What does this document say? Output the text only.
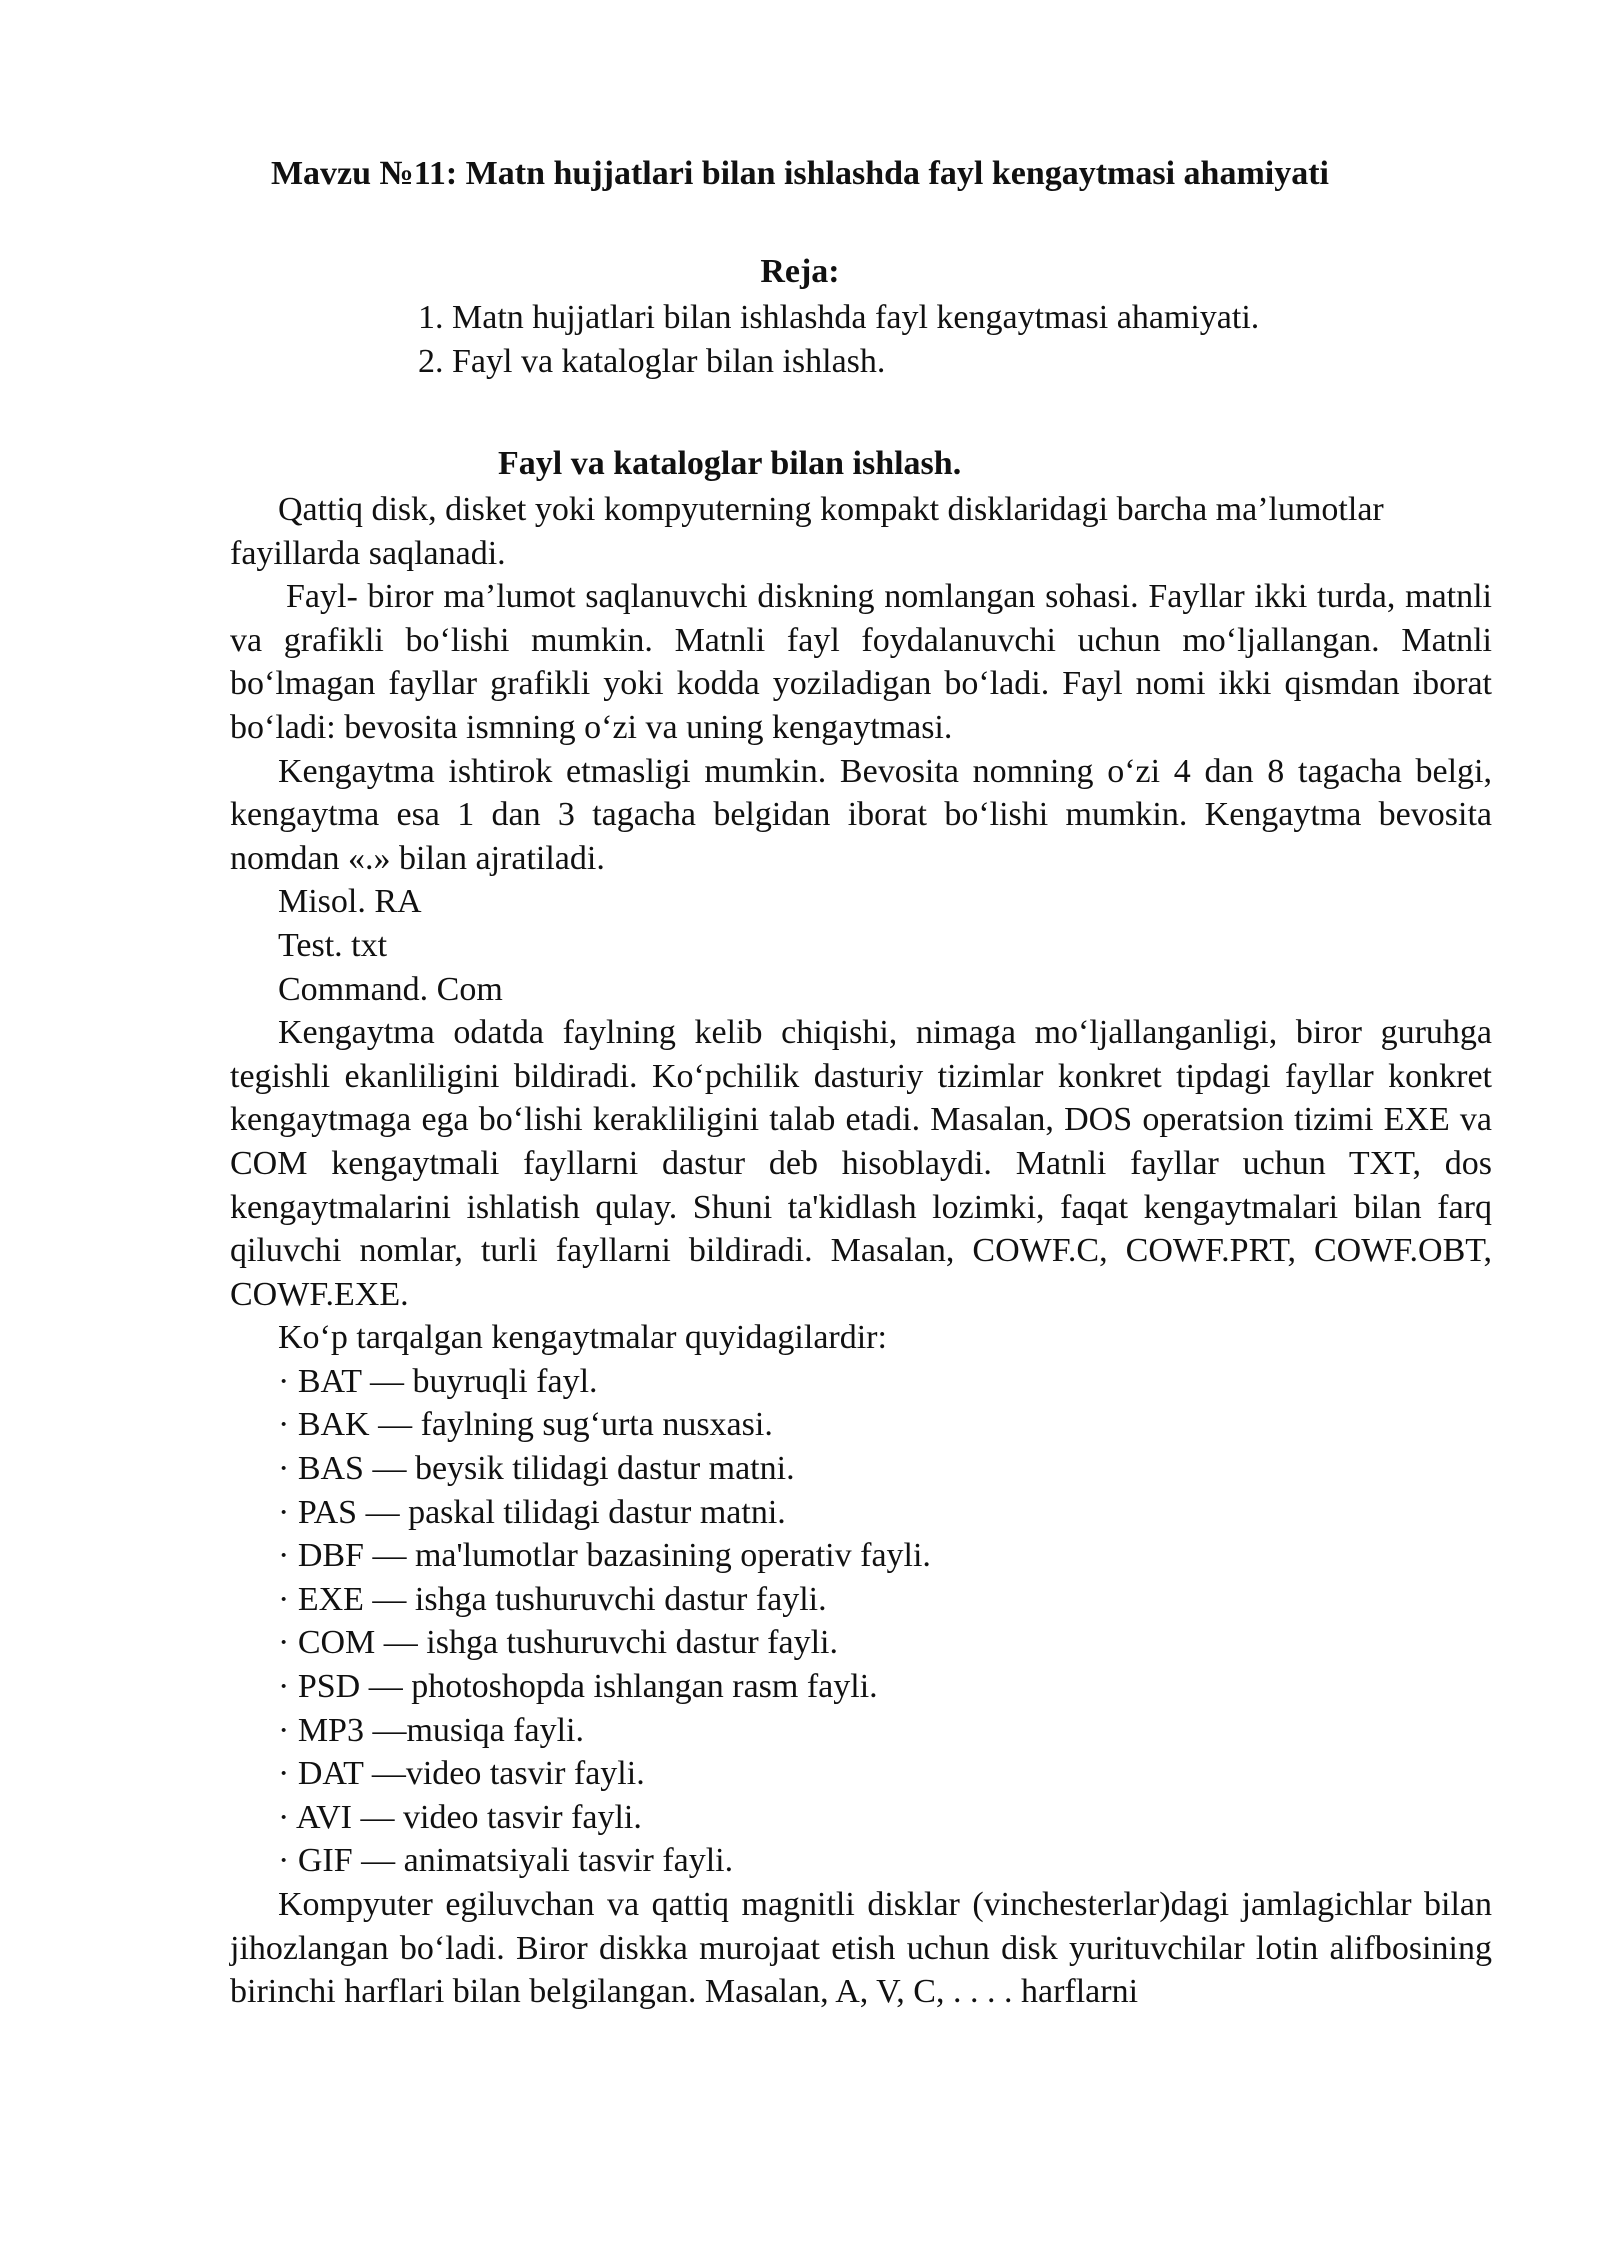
Mavzu №11: Matn hujjatlari bilan ishlashda fayl kengaytmasi ahamiyati
Reja:
1. Matn hujjatlari bilan ishlashda fayl kengaytmasi ahamiyati.
2. Fayl va kataloglar bilan ishlash.
Fayl va kataloglar bilan ishlash.

Qattiq disk, disket yoki kompyuterning kompakt disklaridagi barcha ma’lumotlar fayillarda saqlanadi.

Fayl- biror ma’lumot saqlanuvchi diskning nomlangan sohasi. Fayllar ikki turda, matnli va grafikli bo‘lishi mumkin. Matnli fayl foydalanuvchi uchun mo‘ljallangan. Matnli bo‘lmagan fayllar grafikli yoki kodda yoziladigan bo‘ladi. Fayl nomi ikki qismdan iborat bo‘ladi: bevosita ismning o‘zi va uning kengaytmasi.

Kengaytma ishtirok etmasligi mumkin. Bevosita nomning o‘zi 4 dan 8 tagacha belgi, kengaytma esa 1 dan 3 tagacha belgidan iborat bo‘lishi mumkin. Kengaytma bevosita nomdan «.» bilan ajratiladi.

Misol. RA
Test. txt
Command. Com

Kengaytma odatda faylning kelib chiqishi, nimaga mo‘ljallanganligi, biror guruhga tegishli ekanliligini bildiradi. Ko‘pchilik dasturiy tizimlar konkret tipdagi fayllar konkret kengaytmaga ega bo‘lishi kerakliligini talab etadi. Masalan, DOS operatsion tizimi EXE va COM kengaytmali fayllarni dastur deb hisoblaydi. Matnli fayllar uchun TXT, dos kengaytmalarini ishlatish qulay. Shuni ta'kidlash lozimki, faqat kengaytmalari bilan farq qiluvchi nomlar, turli fayllarni bildiradi. Masalan, COWF.C, COWF.PRT, COWF.OBT, COWF.EXE.

Ko‘p tarqalgan kengaytmalar quyidagilardir:
· BAT — buyruqli fayl.
· BAK — faylning sug‘urta nusxasi.
· BAS — beysik tilidagi dastur matni.
· PAS — paskal tilidagi dastur matni.
· DBF — ma'lumotlar bazasining operativ fayli.
· EXE — ishga tushuruvchi dastur fayli.
· COM — ishga tushuruvchi dastur fayli.
· PSD — photoshopda ishlangan rasm fayli.
· MP3 —musiqa fayli.
· DAT —video tasvir fayli.
· AVI — video tasvir fayli.
· GIF — animatsiyali tasvir fayli.

Kompyuter egiluvchan va qattiq magnitli disklar (vinchesterlar)dagi jamlagichlar bilan jihozlangan bo‘ladi. Biror diskka murojaat etish uchun disk yurituvchilar lotin alifbosining birinchi harflari bilan belgilangan. Masalan, A, V, C, . . . . harflarni
